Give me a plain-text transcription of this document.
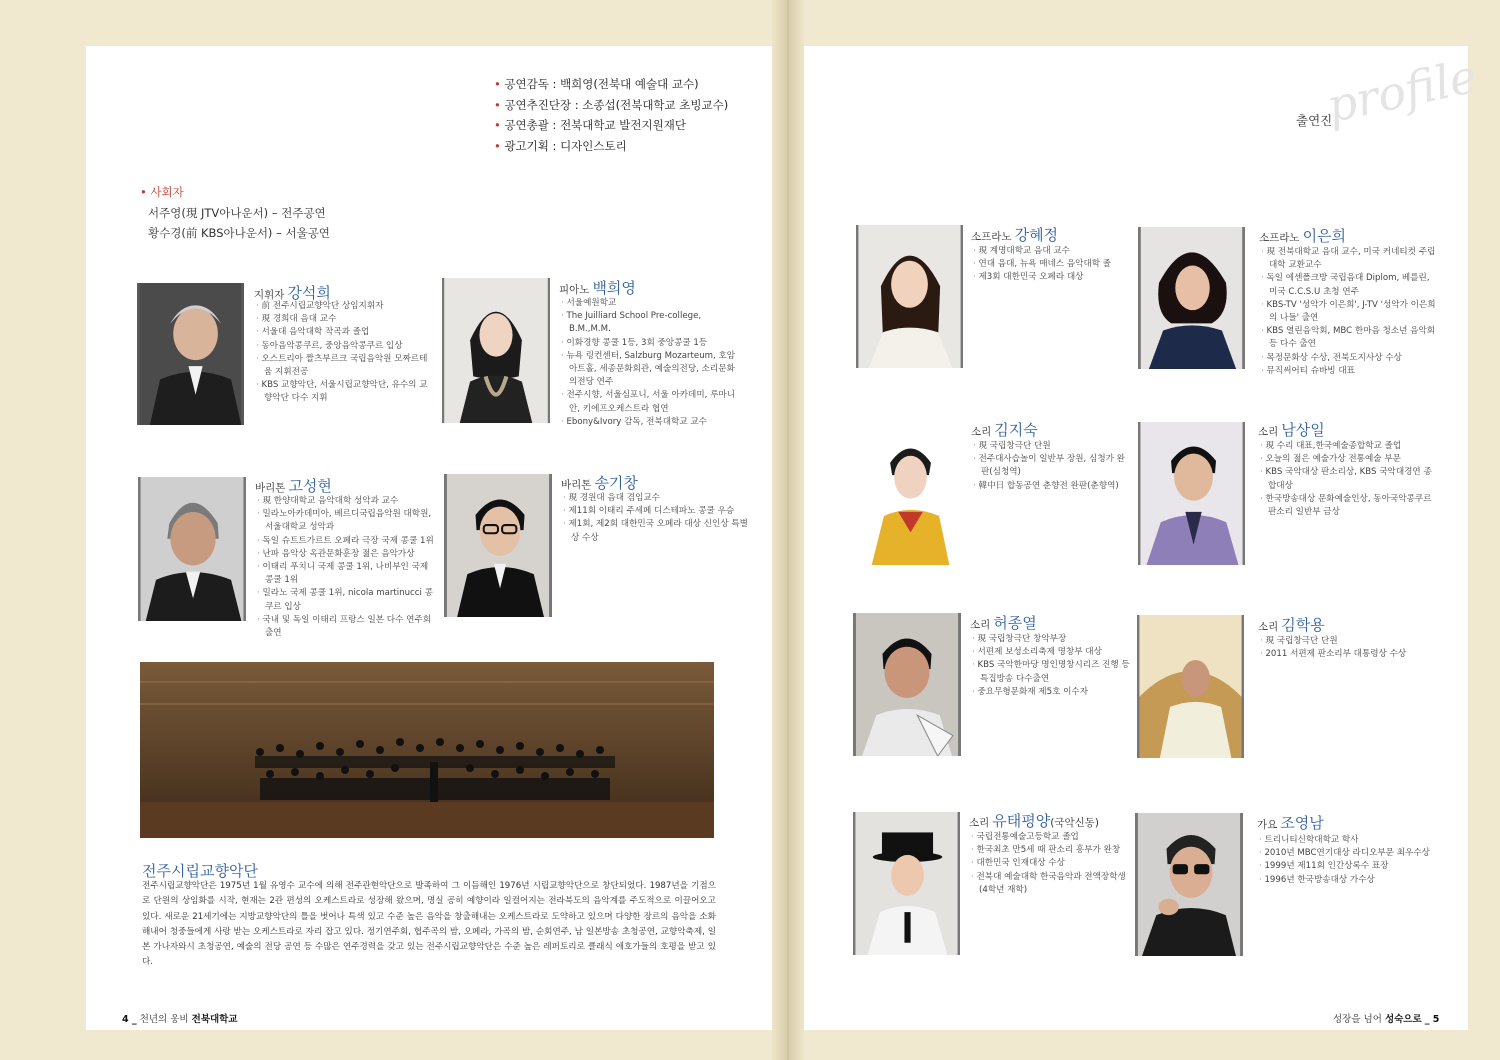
• 공연감독 : 백희영(전북대 예술대 교수)
• 공연추진단장 : 소종섭(전북대학교 초빙교수)
• 공연총괄 : 전북대학교 발전지원재단
• 광고기획 : 디자인스토리
• 사회자
서주영(現 JTV아나운서) – 전주공연
황수경(前 KBS아나운서) – 서울공연
지휘자 강석희
· 前 전주시립교향악단 상임지휘자
· 現 경희대 음대 교수
· 서울대 음악대학 작곡과 졸업
· 동아음악콩쿠르, 중앙음악콩쿠르 입상
· 오스트리아 짤츠부르크 국립음악원 모짜르테움 지휘전공
· KBS 교향악단, 서울시립교향악단, 유수의 교향악단 다수 지휘
피아노 백희영
· 서울예원학교
· The Juilliard School Pre-college, B.M.,M.M.
· 이화경향 콩쿨 1등, 3회 중앙콩쿨 1등
· 뉴욕 링컨센터, Salzburg Mozarteum, 호암아트홀, 세종문화회관, 예술의전당, 소리문화의전당 연주
· 전주시향, 서울심포니, 서울 아카데미, 루마니안, 키에프오케스트라 협연
· Ebony&Ivory 감독, 전북대학교 교수
바리톤 고성현
· 現 한양대학교 음악대학 성악과 교수
· 밀라노아카데미아, 베르디국립음악원 대학원, 서울대학교 성악과
· 독일 슈트트가르트 오페라 극장 국제 콩쿨 1위
· 난파 음악상 옥관문화훈장 젊은 음악가상
· 이태리 푸치니 국제 콩쿨 1위, 나비부인 국제 콩쿨 1위
· 밀라노 국제 콩쿨 1위, nicola martinucci 콩쿠르 입상
· 국내 및 독일 이태리 프랑스 일본 다수 연주회 출연
바리톤 송기창
· 現 경원대 음대 겸임교수
· 제11회 이태리 주세페 디스테파노 콩쿨 우승
· 제1회, 제2회 대한민국 오페라 대상 신인상 특별상 수상
전주시립교향악단
전주시립교향악단은 1975년 1월 유영수 교수에 의해 전주관현악단으로 발족하여 그 이듬해인 1976년 시립교향악단으로 창단되었다. 1987년을 기점으로 단원의 상임화를 시작, 현재는 2관 편성의 오케스트라로 성장해 왔으며, 명실 공히 예향이라 일컬어지는 전라북도의 음악계를 주도적으로 이끌어오고 있다. 새로운 21세기에는 지방교향악단의 틀을 벗어나 특색 있고 수준 높은 음악을 창출해내는 오케스트라로 도약하고 있으며 다양한 장르의 음악을 소화해내어 청중들에게 사랑 받는 오케스트라로 자리 잡고 있다. 정기연주회, 협주곡의 밤, 오페라, 가곡의 밤, 순회연주, 남 일본방송 초청공연, 교향악축제, 일본 가나자와시 초청공연, 예술의 전당 공연 등 수많은 연주경력을 갖고 있는 전주시립교향악단은 수준 높은 레퍼토리로 클래식 애호가들의 호평을 받고 있다.
4 _ 천년의 웅비 전북대학교
profile
출연진
소프라노 강혜정
· 現 계명대학교 음대 교수
· 연대 음대, 뉴욕 매네스 음악대학 졸
· 제3회 대한민국 오페라 대상
소프라노 이은희
· 現 전북대학교 음대 교수, 미국 커네티컷 주립대학 교환교수
· 독일 에센폴크방 국립음대 Diplom, 베를린, 미국 C.C.S.U 초청 연주
· KBS-TV '성악가 이은희', J-TV '성악가 이은희의 나들' 출연
· KBS 열린음악회, MBC 한마음 청소년 음악회 등 다수 출연
· 목정문화상 수상, 전북도지사상 수상
· 뮤직써어티 슈바빙 대표
소리 김지숙
· 現 국립창극단 단원
· 전주대사습놀이 일반부 장원, 심청가 완판(심청역)
· 韓中日 합동공연 춘향전 완판(춘향역)
소리 남상일
· 現 수리 대표,한국예술종합학교 졸업
· 오늘의 젊은 예술가상 전통예술 부문
· KBS 국악대상 판소리상, KBS 국악대경연 종합대상
· 한국방송대상 문화예술인상, 동아국악콩쿠르 판소리 일반부 금상
소리 허종열
· 現 국립창극단 창악부장
· 서편제 보성소리축제 명창부 대상
· KBS 국악한마당 명인명창시리즈 진행 등 특집방송 다수출연
· 중요무형문화재 제5호 이수자
소리 김학용
· 現 국립창극단 단원
· 2011 서편제 판소리부 대통령상 수상
소리 유태평양(국악신동)
· 국립전통예술고등학교 졸업
· 한국최초 만5세 때 판소리 흥부가 완창
· 대한민국 인재대상 수상
· 전북대 예술대학 한국음악과 전액장학생 (4학년 재학)
가요 조영남
· 트리니티신학대학교 학사
· 2010년 MBC연기대상 라디오부문 최우수상
· 1999년 제11회 인간상록수 표장
· 1996년 한국방송대상 가수상
성장을 넘어 성숙으로 _ 5
